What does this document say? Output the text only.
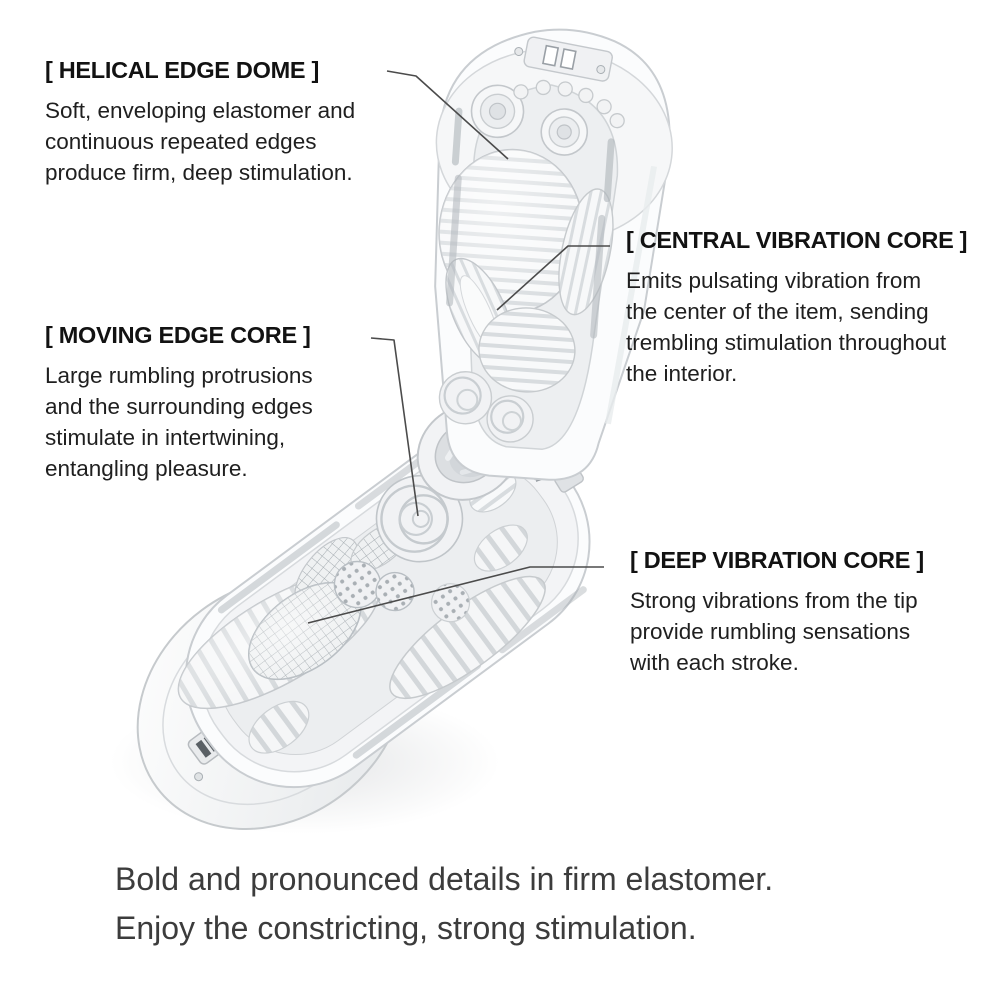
[ HELICAL EDGE DOME ]
Soft, enveloping elastomer and
continuous repeated edges
produce firm, deep stimulation.
[ CENTRAL VIBRATION CORE ]
Emits pulsating vibration from
the center of the item, sending
trembling stimulation throughout
the interior.
[ MOVING EDGE CORE ]
Large rumbling protrusions
and the surrounding edges
stimulate in intertwining,
entangling pleasure.
[ DEEP VIBRATION CORE ]
Strong vibrations from the tip
provide rumbling sensations
with each stroke.
Bold and pronounced details in firm elastomer.
Enjoy the constricting, strong stimulation.
